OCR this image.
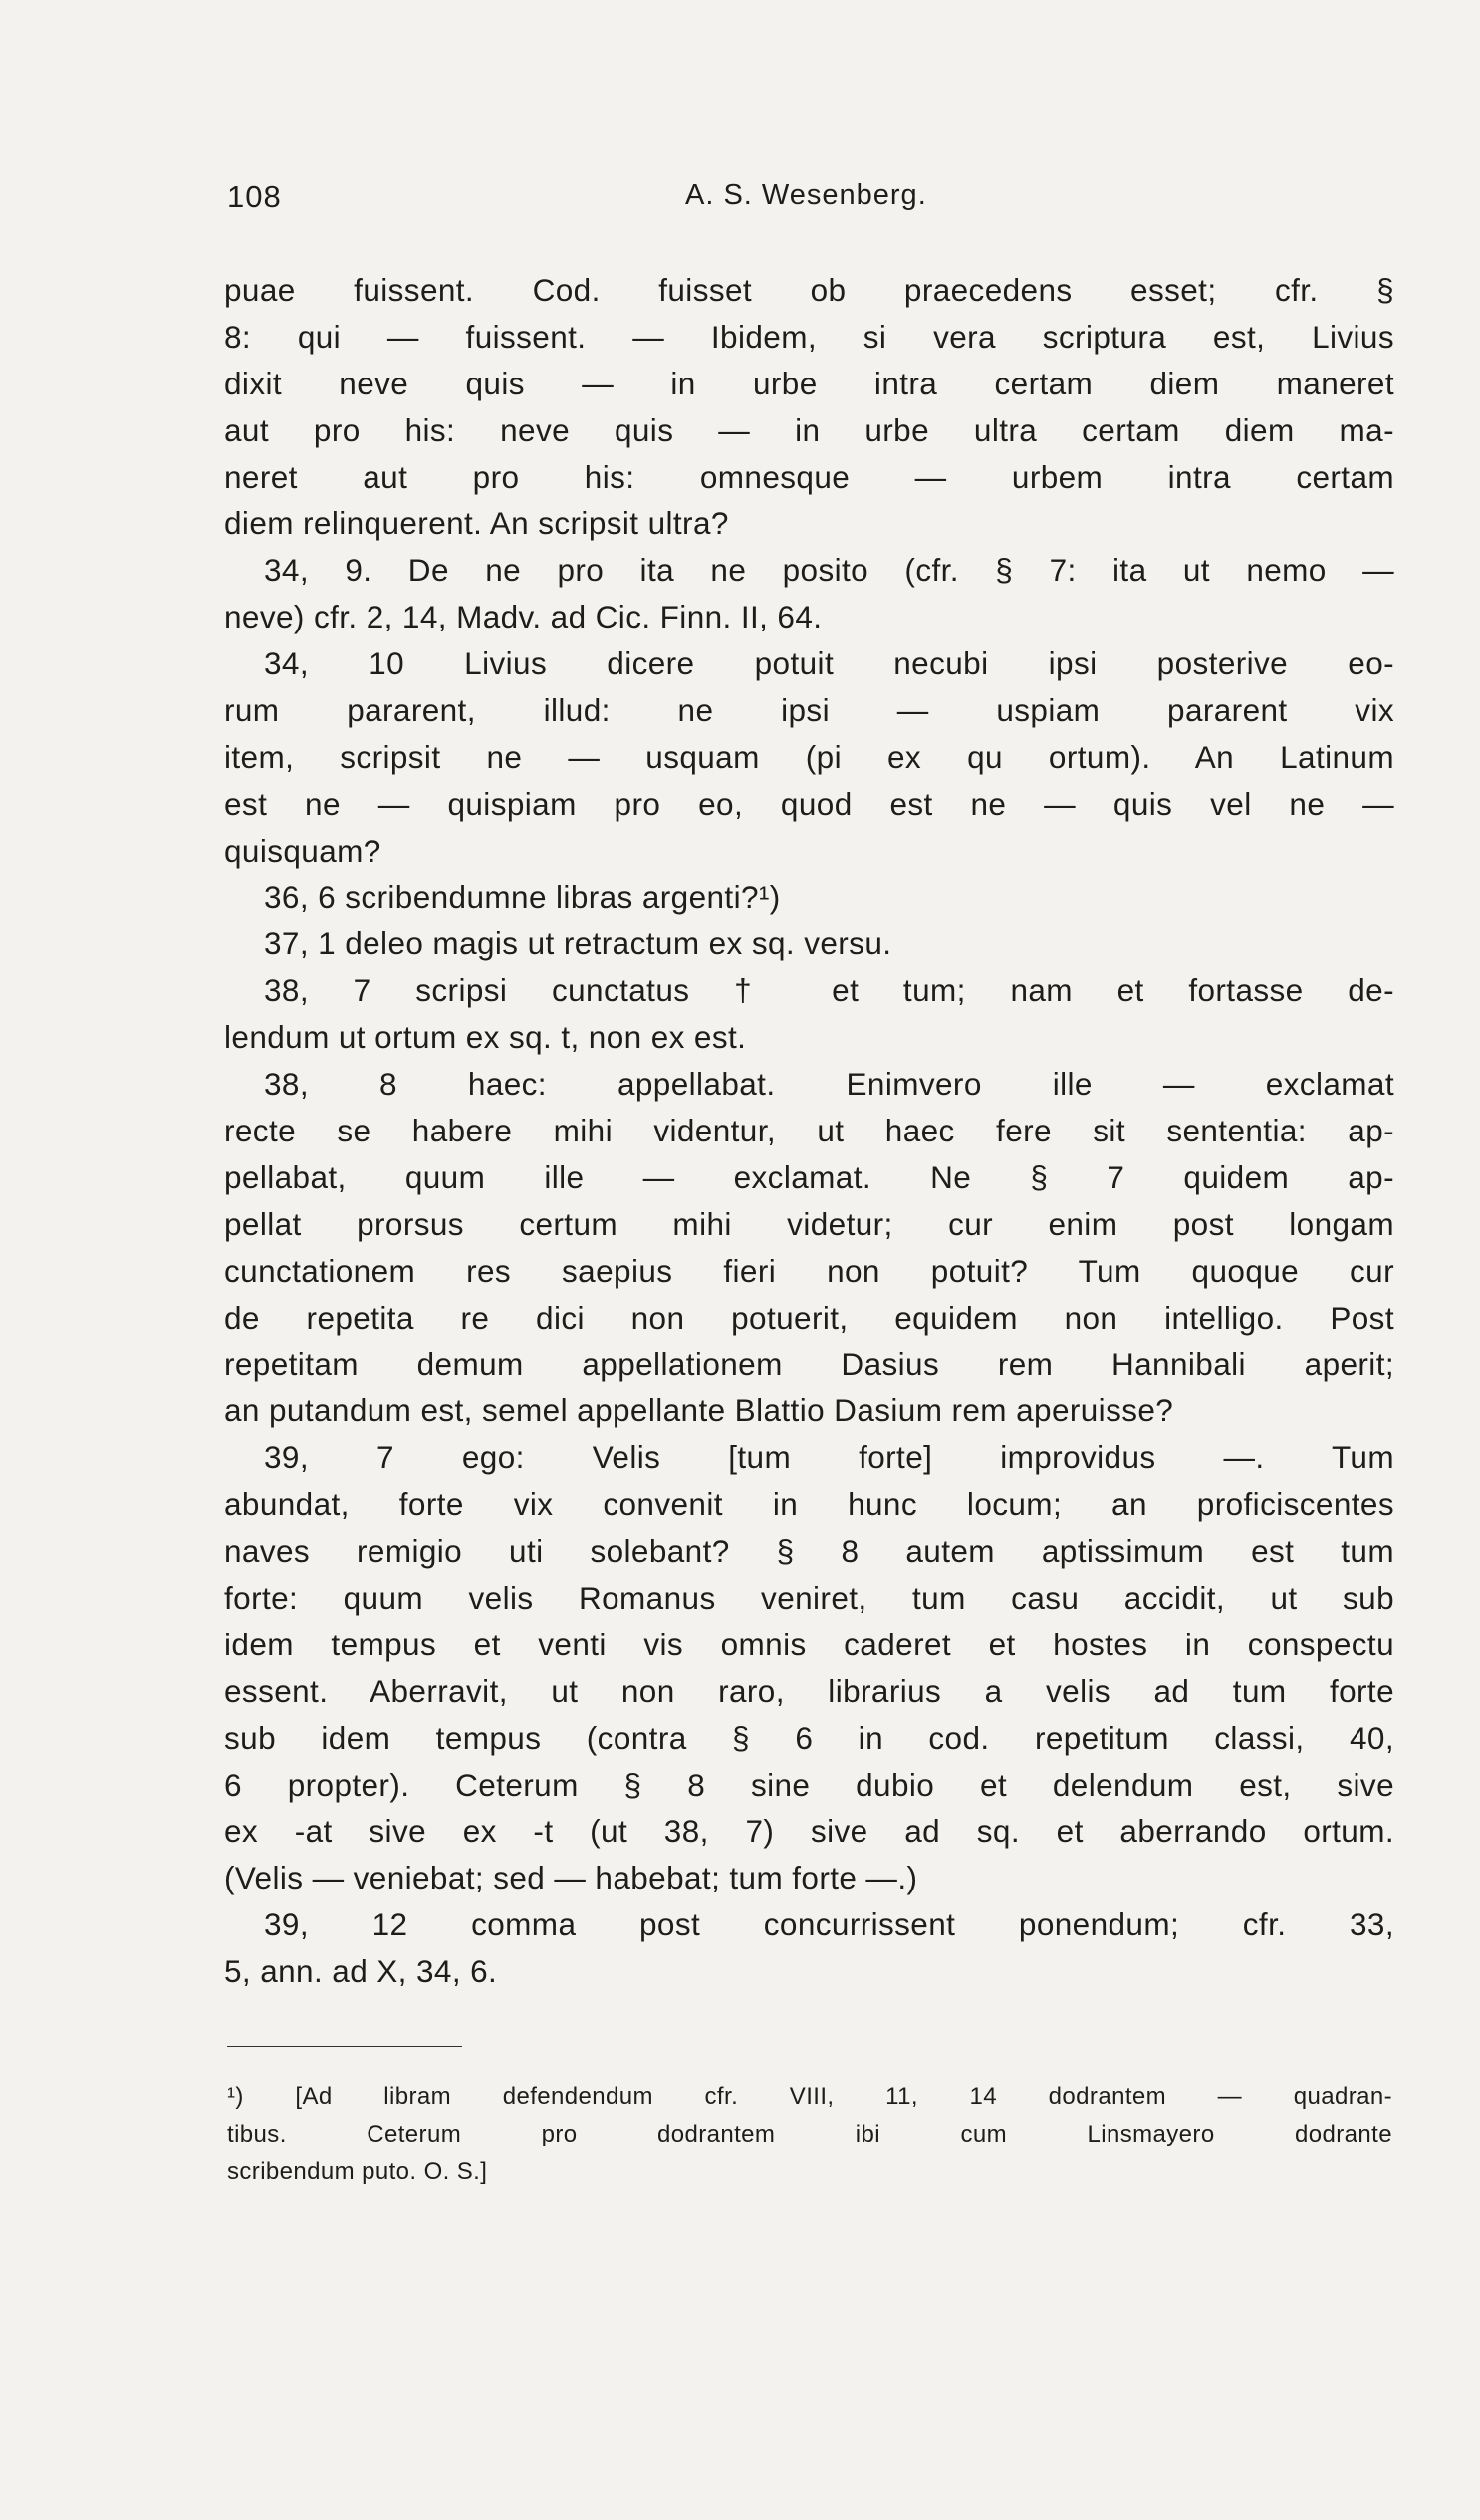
108	A. S. Wesenberg.
puae fuissent. Cod. fuisset ob praecedens esset; cfr. §
8: qui — fuissent. — Ibidem, si vera scriptura est, Livius
dixit neve quis — in urbe intra certam diem maneret
aut pro his: neve quis — in urbe ultra certam diem ma-
neret aut pro his: omnesque — urbem intra certam
diem relinquerent. An scripsit ultra?
34, 9. De ne pro ita ne posito (cfr. § 7: ita ut nemo —
neve) cfr. 2, 14, Madv. ad Cic. Finn. II, 64.
34, 10 Livius dicere potuit necubi ipsi posterive eo-
rum pararent, illud: ne ipsi — uspiam pararent vix
item, scripsit ne — usquam (pi ex qu ortum). An Latinum
est ne — quispiam pro eo, quod est ne — quis vel ne —
quisquam?
36, 6 scribendumne libras argenti?¹)
37, 1 deleo magis ut retractum ex sq. versu.
38, 7 scripsi cunctatus † et tum; nam et fortasse de-
lendum ut ortum ex sq. t, non ex est.
38, 8 haec: appellabat. Enimvero ille — exclamat
recte se habere mihi videntur, ut haec fere sit sententia: ap-
pellabat, quum ille — exclamat. Ne § 7 quidem ap-
pellat prorsus certum mihi videtur; cur enim post longam
cunctationem res saepius fieri non potuit? Tum quoque cur
de repetita re dici non potuerit, equidem non intelligo. Post
repetitam demum appellationem Dasius rem Hannibali aperit;
an putandum est, semel appellante Blattio Dasium rem aperuisse?
39, 7 ego: Velis [tum forte] improvidus —. Tum
abundat, forte vix convenit in hunc locum; an proficiscentes
naves remigio uti solebant? § 8 autem aptissimum est tum
forte: quum velis Romanus veniret, tum casu accidit, ut sub
idem tempus et venti vis omnis caderet et hostes in conspectu
essent. Aberravit, ut non raro, librarius a velis ad tum forte
sub idem tempus (contra § 6 in cod. repetitum classi, 40,
6 propter). Ceterum § 8 sine dubio et delendum est, sive
ex -at sive ex -t (ut 38, 7) sive ad sq. et aberrando ortum.
(Velis — veniebat; sed — habebat; tum forte —.)
39, 12 comma post concurrissent ponendum; cfr. 33,
5, ann. ad X, 34, 6.
¹) [Ad libram defendendum cfr. VIII, 11, 14 dodrantem — quadran-
tibus. Ceterum pro dodrantem ibi cum Linsmayero dodrante
scribendum puto. O. S.]
